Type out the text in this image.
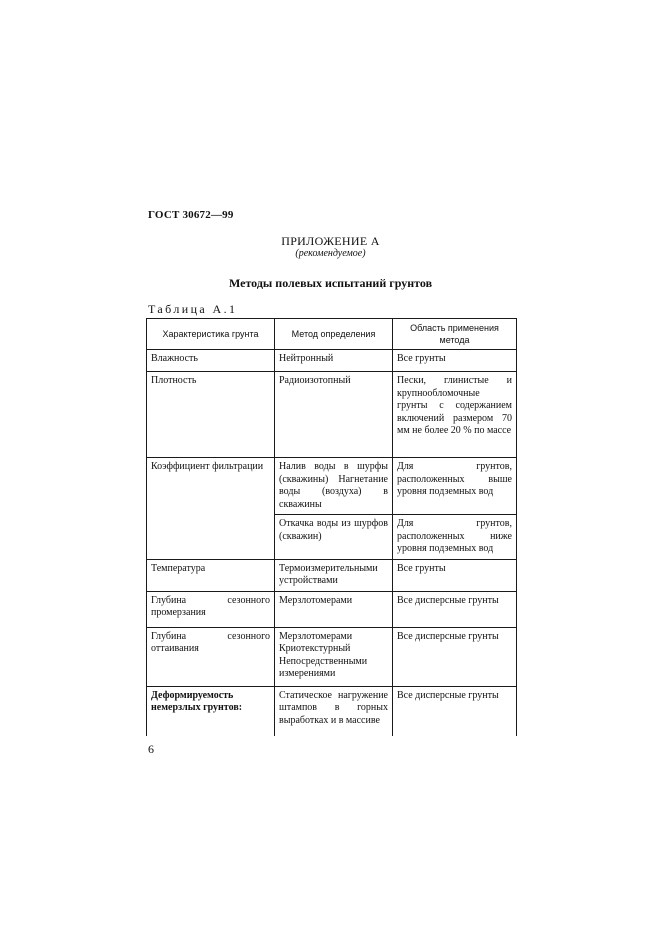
ГОСТ 30672—99
ПРИЛОЖЕНИЕ А
(рекомендуемое)
Методы полевых испытаний грунтов
Таблица А.1
Характеристика грунта	Метод определения	Область применения метода
Влажность	Нейтронный	Все грунты
Плотность	Радиоизотопный	Пески, глинистые и крупнообломочные грунты с содержанием включений размером 70 мм не более 20 % по массе
Коэффициент фильтрации	Налив воды в шурфы (скважины) Нагнетание воды (воздуха) в скважины	Для грунтов, расположенных выше уровня подземных вод
	Откачка воды из шурфов (скважин)	Для грунтов, расположенных ниже уровня подземных вод
Температура	Термоизмерительными устройствами	Все грунты
Глубина сезонного промерзания	Мерзлотомерами	Все дисперсные грунты
Глубина сезонного оттаивания	Мерзлотомерами Криотекстурный Непосредственными измерениями	Все дисперсные грунты
Деформируемость немерзлых грунтов:	Статическое нагружение штампов в горных выработках и в массиве	Все дисперсные грунты
6
